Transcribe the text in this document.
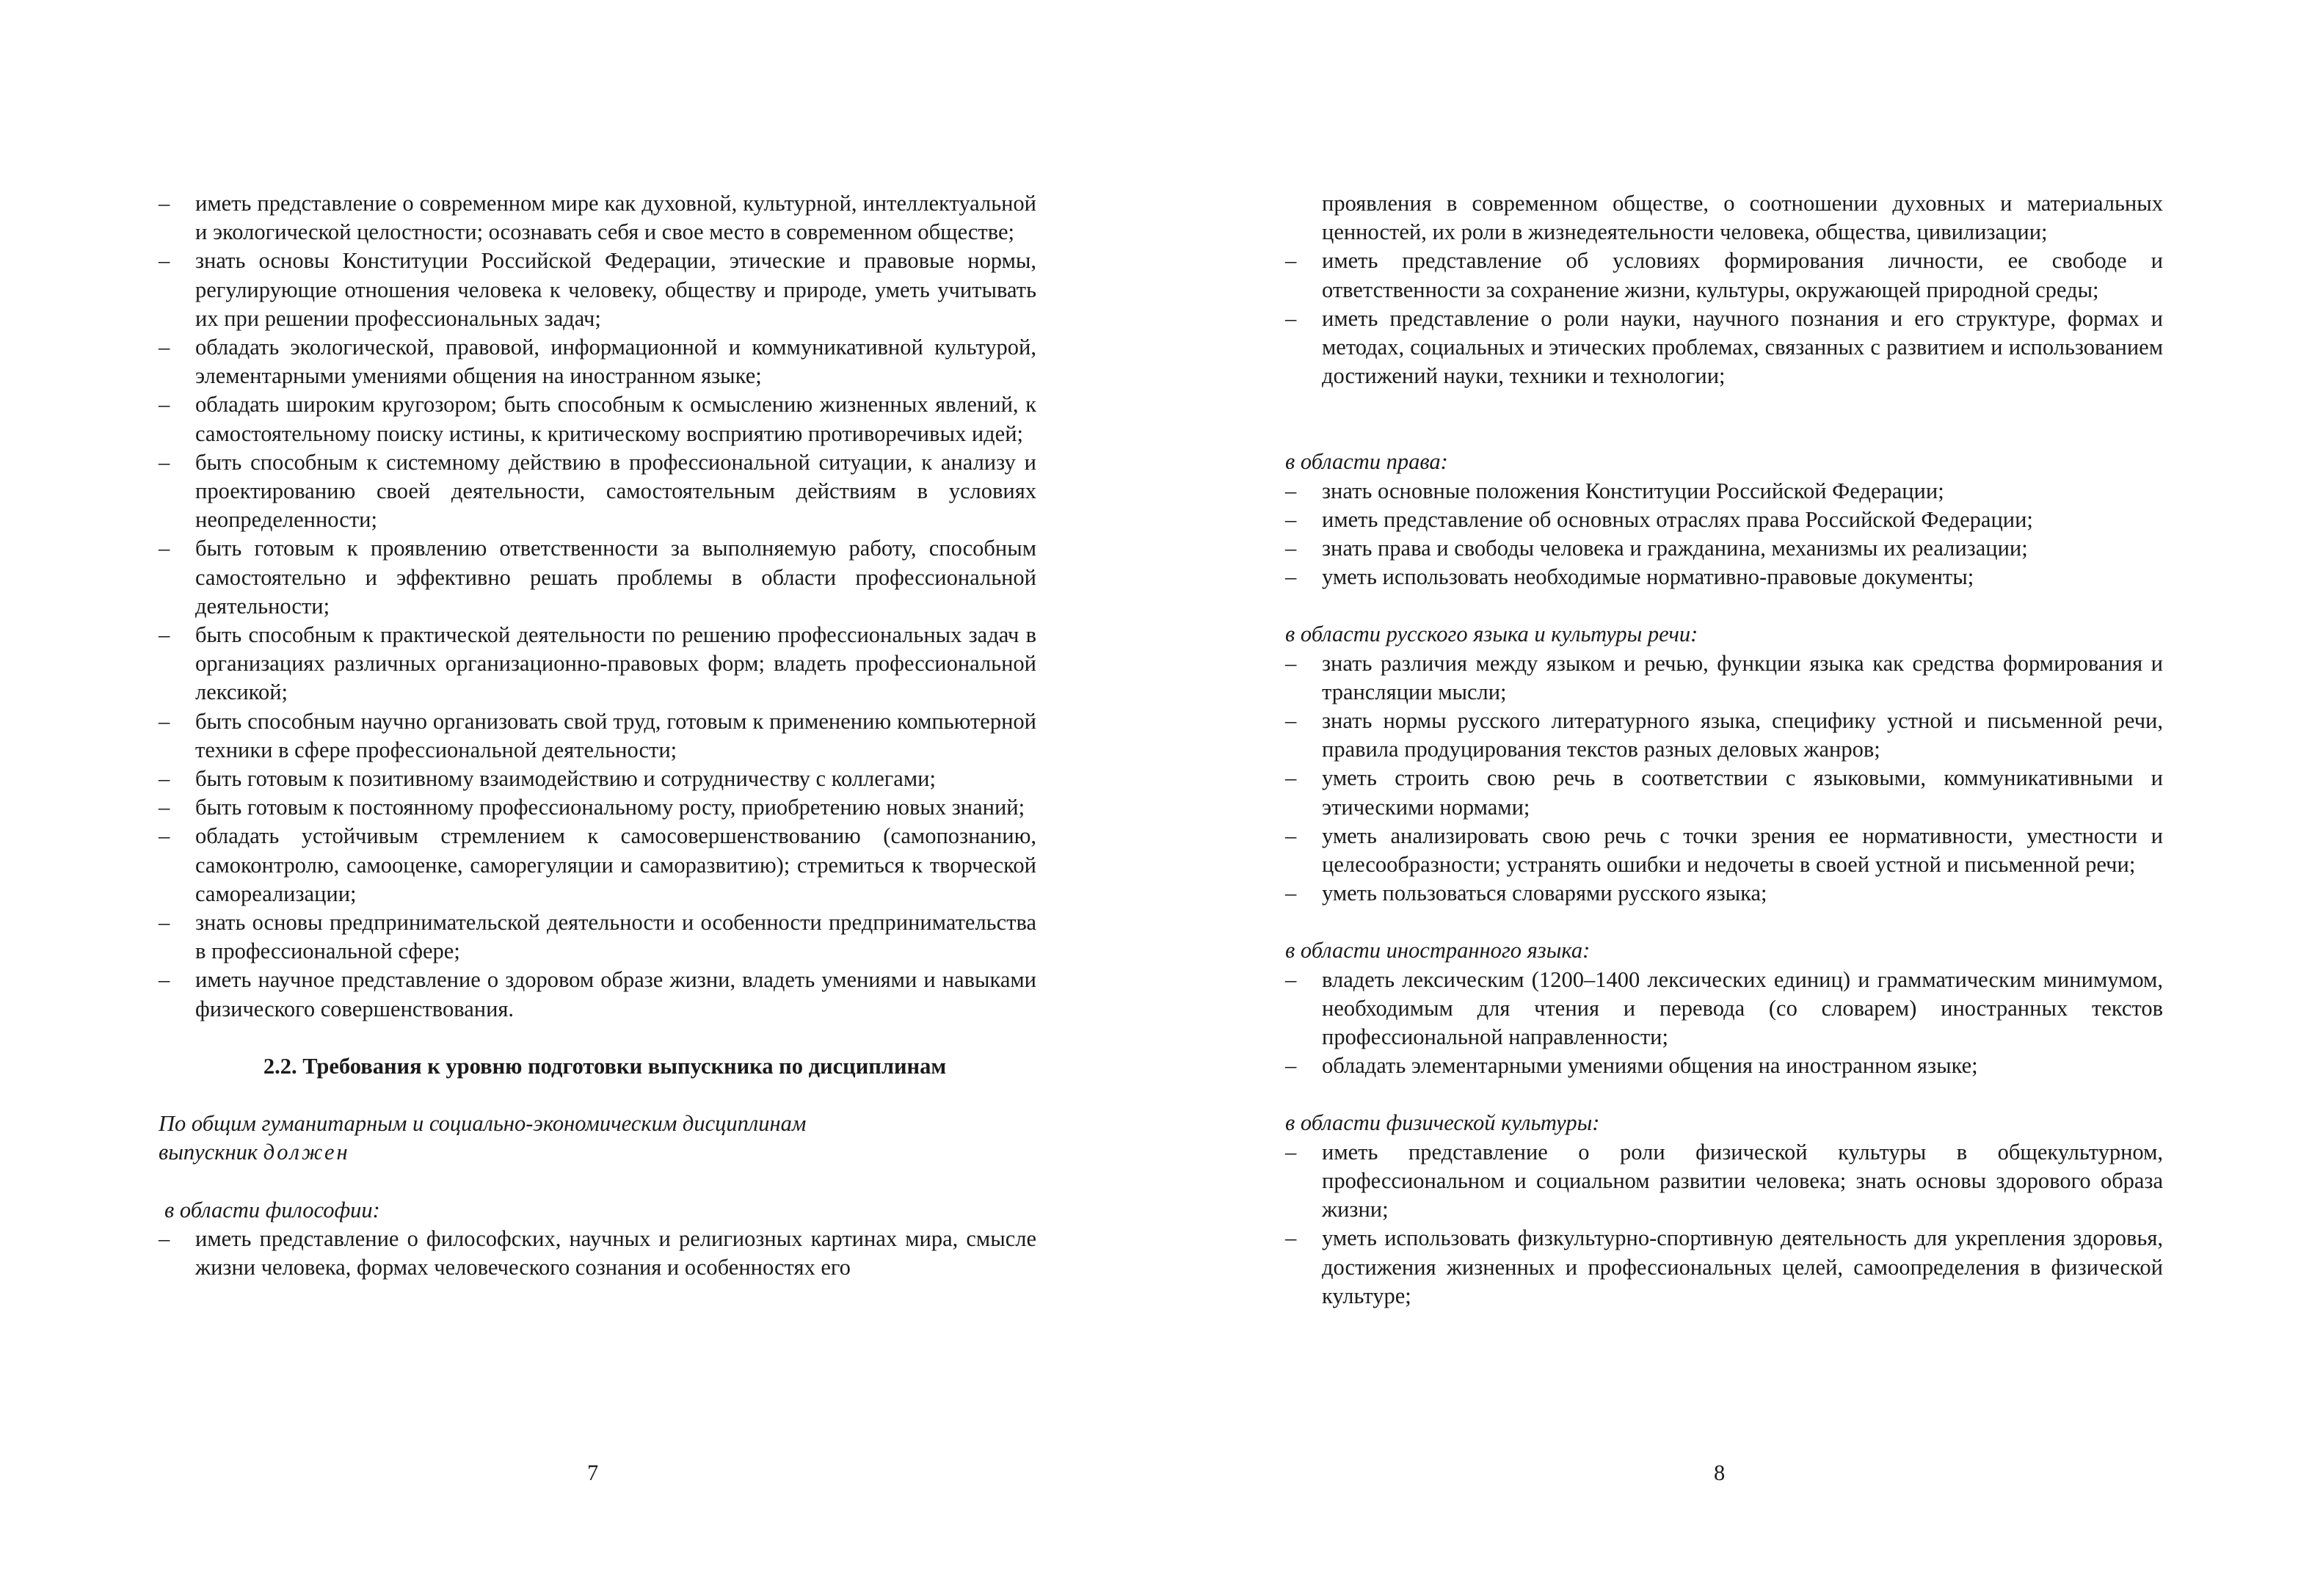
– иметь представление о современном мире как духовной, культурной, интеллектуальной и экологической целостности; осознавать себя и свое место в современном обществе;
– знать основы Конституции Российской Федерации, этические и правовые нормы, регулирующие отношения человека к человеку, обществу и природе, уметь учитывать их при решении профессиональных задач;
– обладать экологической, правовой, информационной и коммуникативной культурой, элементарными умениями общения на иностранном языке;
– обладать широким кругозором; быть способным к осмыслению жизненных явлений, к самостоятельному поиску истины, к критическому восприятию противоречивых идей;
– быть способным к системному действию в профессиональной ситуации, к анализу и проектированию своей деятельности, самостоятельным действиям в условиях неопределенности;
– быть готовым к проявлению ответственности за выполняемую работу, способным самостоятельно и эффективно решать проблемы в области профессиональной деятельности;
– быть способным к практической деятельности по решению профессиональных задач в организациях различных организационно-правовых форм; владеть профессиональной лексикой;
– быть способным научно организовать свой труд, готовым к применению компьютерной техники в сфере профессиональной деятельности;
– быть готовым к позитивному взаимодействию и сотрудничеству с коллегами;
– быть готовым к постоянному профессиональному росту, приобретению новых знаний;
– обладать устойчивым стремлением к самосовершенствованию (самопознанию, самоконтролю, самооценке, саморегуляции и саморазвитию); стремиться к творческой самореализации;
– знать основы предпринимательской деятельности и особенности предпринимательства в профессиональной сфере;
– иметь научное представление о здоровом образе жизни, владеть умениями и навыками физического совершенствования.
2.2. Требования к уровню подготовки выпускника по дисциплинам
По общим гуманитарным и социально-экономическим дисциплинам
выпускник должен
в области философии:
– иметь представление о философских, научных и религиозных картинах мира, смысле жизни человека, формах человеческого сознания и особенностях его
7
проявления в современном обществе, о соотношении духовных и материальных ценностей, их роли в жизнедеятельности человека, общества, цивилизации;
– иметь представление об условиях формирования личности, ее свободе и ответственности за сохранение жизни, культуры, окружающей природной среды;
– иметь представление о роли науки, научного познания и его структуре, формах и методах, социальных и этических проблемах, связанных с развитием и использованием достижений науки, техники и технологии;
в области права:
– знать основные положения Конституции Российской Федерации;
– иметь представление об основных отраслях права Российской Федерации;
– знать права и свободы человека и гражданина, механизмы их реализации;
– уметь использовать необходимые нормативно-правовые документы;
в области русского языка и культуры речи:
– знать различия между языком и речью, функции языка как средства формирования и трансляции мысли;
– знать нормы русского литературного языка, специфику устной и письменной речи, правила продуцирования текстов разных деловых жанров;
– уметь строить свою речь в соответствии с языковыми, коммуникативными и этическими нормами;
– уметь анализировать свою речь с точки зрения ее нормативности, уместности и целесообразности; устранять ошибки и недочеты в своей устной и письменной речи;
– уметь пользоваться словарями русского языка;
в области иностранного языка:
– владеть лексическим (1200–1400 лексических единиц) и грамматическим минимумом, необходимым для чтения и перевода (со словарем) иностранных текстов профессиональной направленности;
– обладать элементарными умениями общения на иностранном языке;
в области физической культуры:
– иметь представление о роли физической культуры в общекультурном, профессиональном и социальном развитии человека; знать основы здорового образа жизни;
– уметь использовать физкультурно-спортивную деятельность для укрепления здоровья, достижения жизненных и профессиональных целей, самоопределения в физической культуре;
8
